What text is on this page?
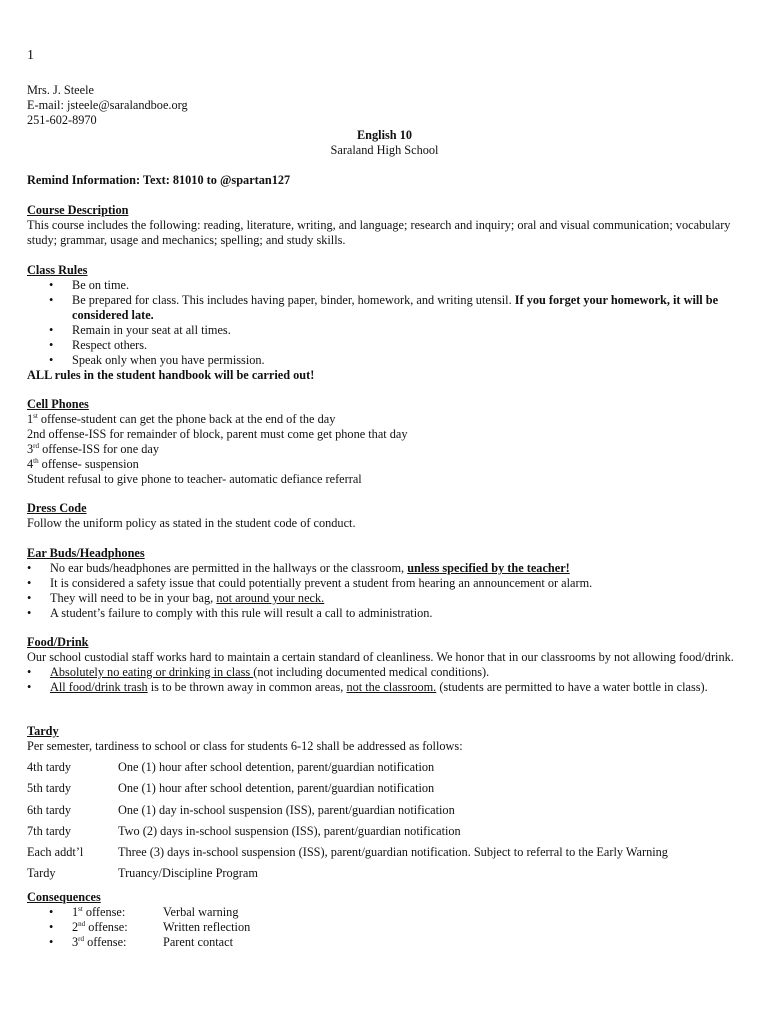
1
Mrs. J. Steele
E-mail: jsteele@saralandboe.org
251-602-8970
English 10
Saraland High School
Remind Information: Text: 81010 to @spartan127
Course Description
This course includes the following: reading, literature, writing, and language; research and inquiry; oral and visual communication; vocabulary study; grammar, usage and mechanics; spelling; and study skills.
Class Rules
• Be on time.
• Be prepared for class. This includes having paper, binder, homework, and writing utensil. If you forget your homework, it will be considered late.
• Remain in your seat at all times.
• Respect others.
• Speak only when you have permission.
ALL rules in the student handbook will be carried out!
Cell Phones
1st offense-student can get the phone back at the end of the day
2nd offense-ISS for remainder of block, parent must come get phone that day
3rd offense-ISS for one day
4th offense- suspension
Student refusal to give phone to teacher- automatic defiance referral
Dress Code
Follow the uniform policy as stated in the student code of conduct.
Ear Buds/Headphones
• No ear buds/headphones are permitted in the hallways or the classroom, unless specified by the teacher!
• It is considered a safety issue that could potentially prevent a student from hearing an announcement or alarm.
• They will need to be in your bag, not around your neck.
• A student’s failure to comply with this rule will result a call to administration.
Food/Drink
Our school custodial staff works hard to maintain a certain standard of cleanliness. We honor that in our classrooms by not allowing food/drink.
• Absolutely no eating or drinking in class (not including documented medical conditions).
• All food/drink trash is to be thrown away in common areas, not the classroom. (students are permitted to have a water bottle in class).
Tardy
Per semester, tardiness to school or class for students 6-12 shall be addressed as follows:
4th tardy	One (1) hour after school detention, parent/guardian notification
5th tardy	One (1) hour after school detention, parent/guardian notification
6th tardy	One (1) day in-school suspension (ISS), parent/guardian notification
7th tardy	Two (2) days in-school suspension (ISS), parent/guardian notification
Each addt’l	Three (3) days in-school suspension (ISS), parent/guardian notification. Subject to referral to the Early Warning
Tardy	Truancy/Discipline Program
Consequences
• 1st offense:	Verbal warning
• 2nd offense:	Written reflection
• 3rd offense:	Parent contact
